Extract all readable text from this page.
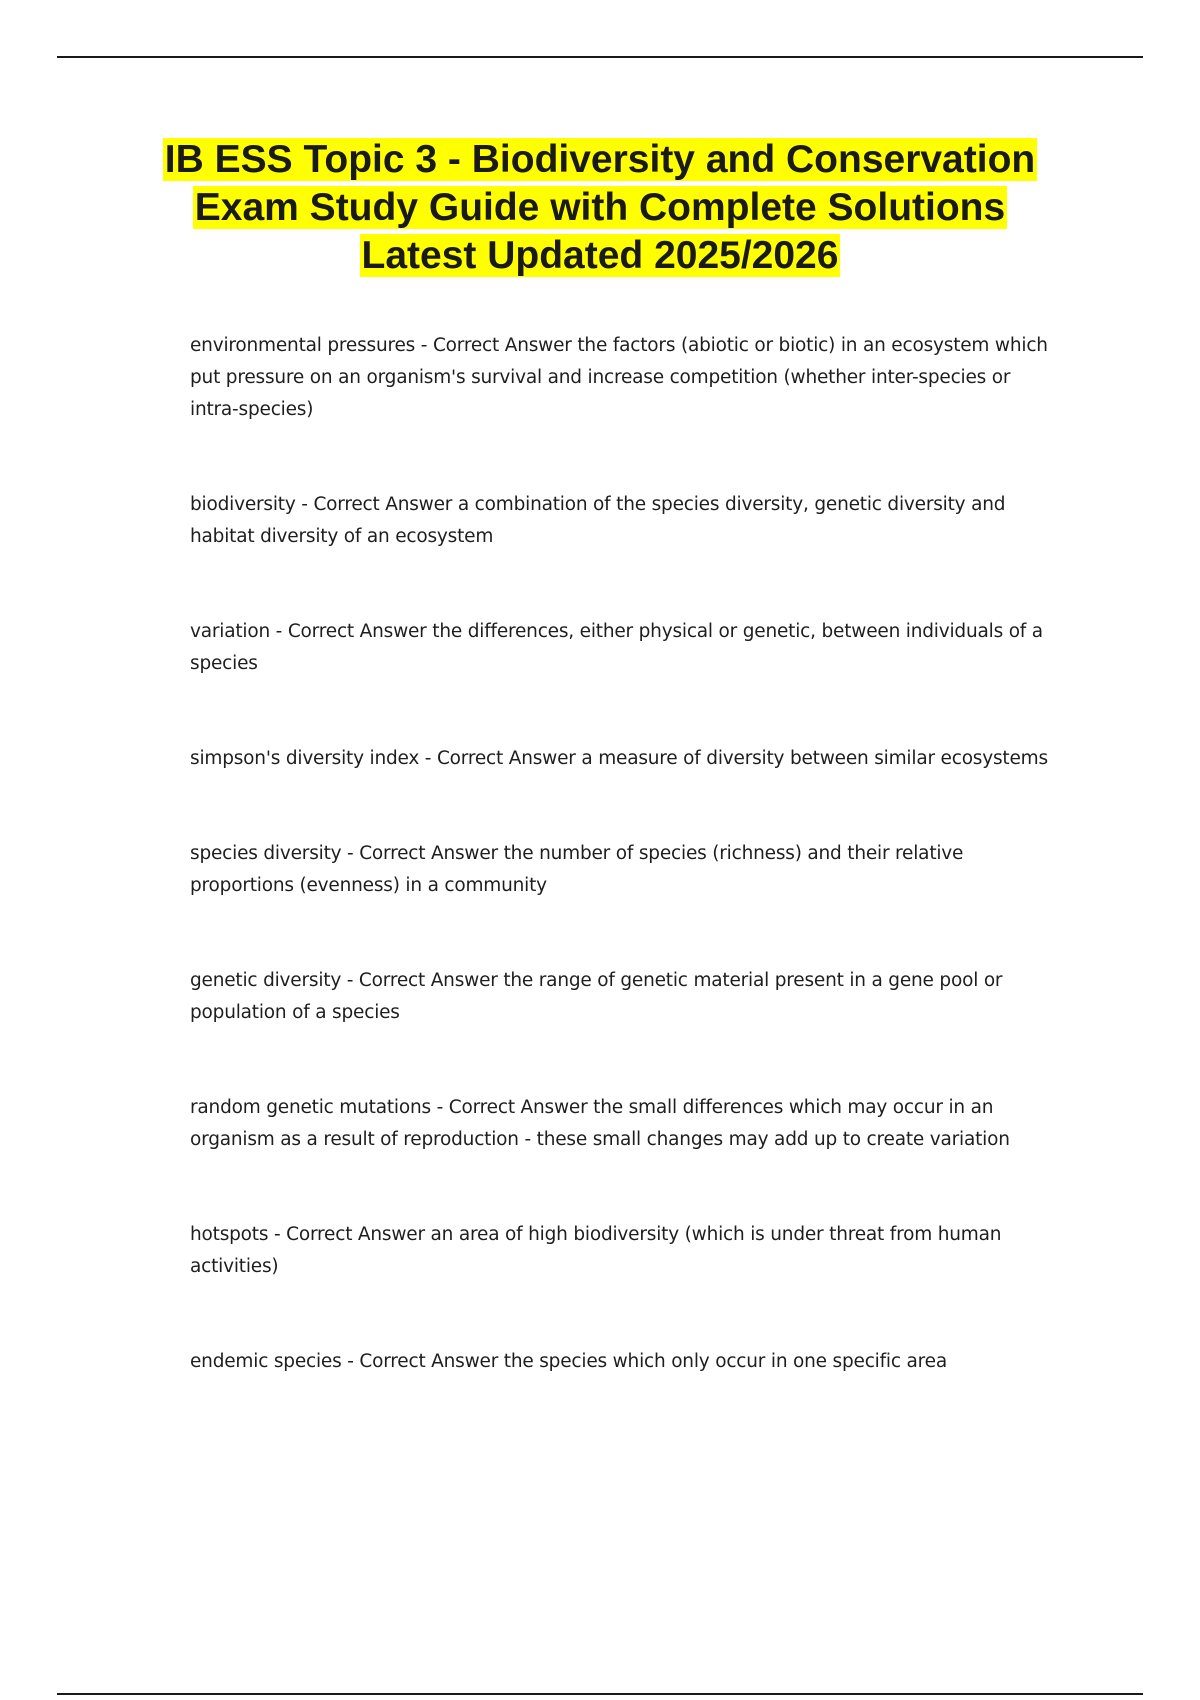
IB ESS Topic 3 - Biodiversity and Conservation Exam Study Guide with Complete Solutions Latest Updated 2025/2026

environmental pressures - Correct Answer the factors (abiotic or biotic) in an ecosystem which put pressure on an organism's survival and increase competition (whether inter-species or intra-species)

biodiversity - Correct Answer a combination of the species diversity, genetic diversity and habitat diversity of an ecosystem

variation - Correct Answer the differences, either physical or genetic, between individuals of a species

simpson's diversity index - Correct Answer a measure of diversity between similar ecosystems

species diversity - Correct Answer the number of species (richness) and their relative proportions (evenness) in a community

genetic diversity - Correct Answer the range of genetic material present in a gene pool or population of a species

random genetic mutations - Correct Answer the small differences which may occur in an organism as a result of reproduction - these small changes may add up to create variation

hotspots - Correct Answer an area of high biodiversity (which is under threat from human activities)

endemic species - Correct Answer the species which only occur in one specific area
